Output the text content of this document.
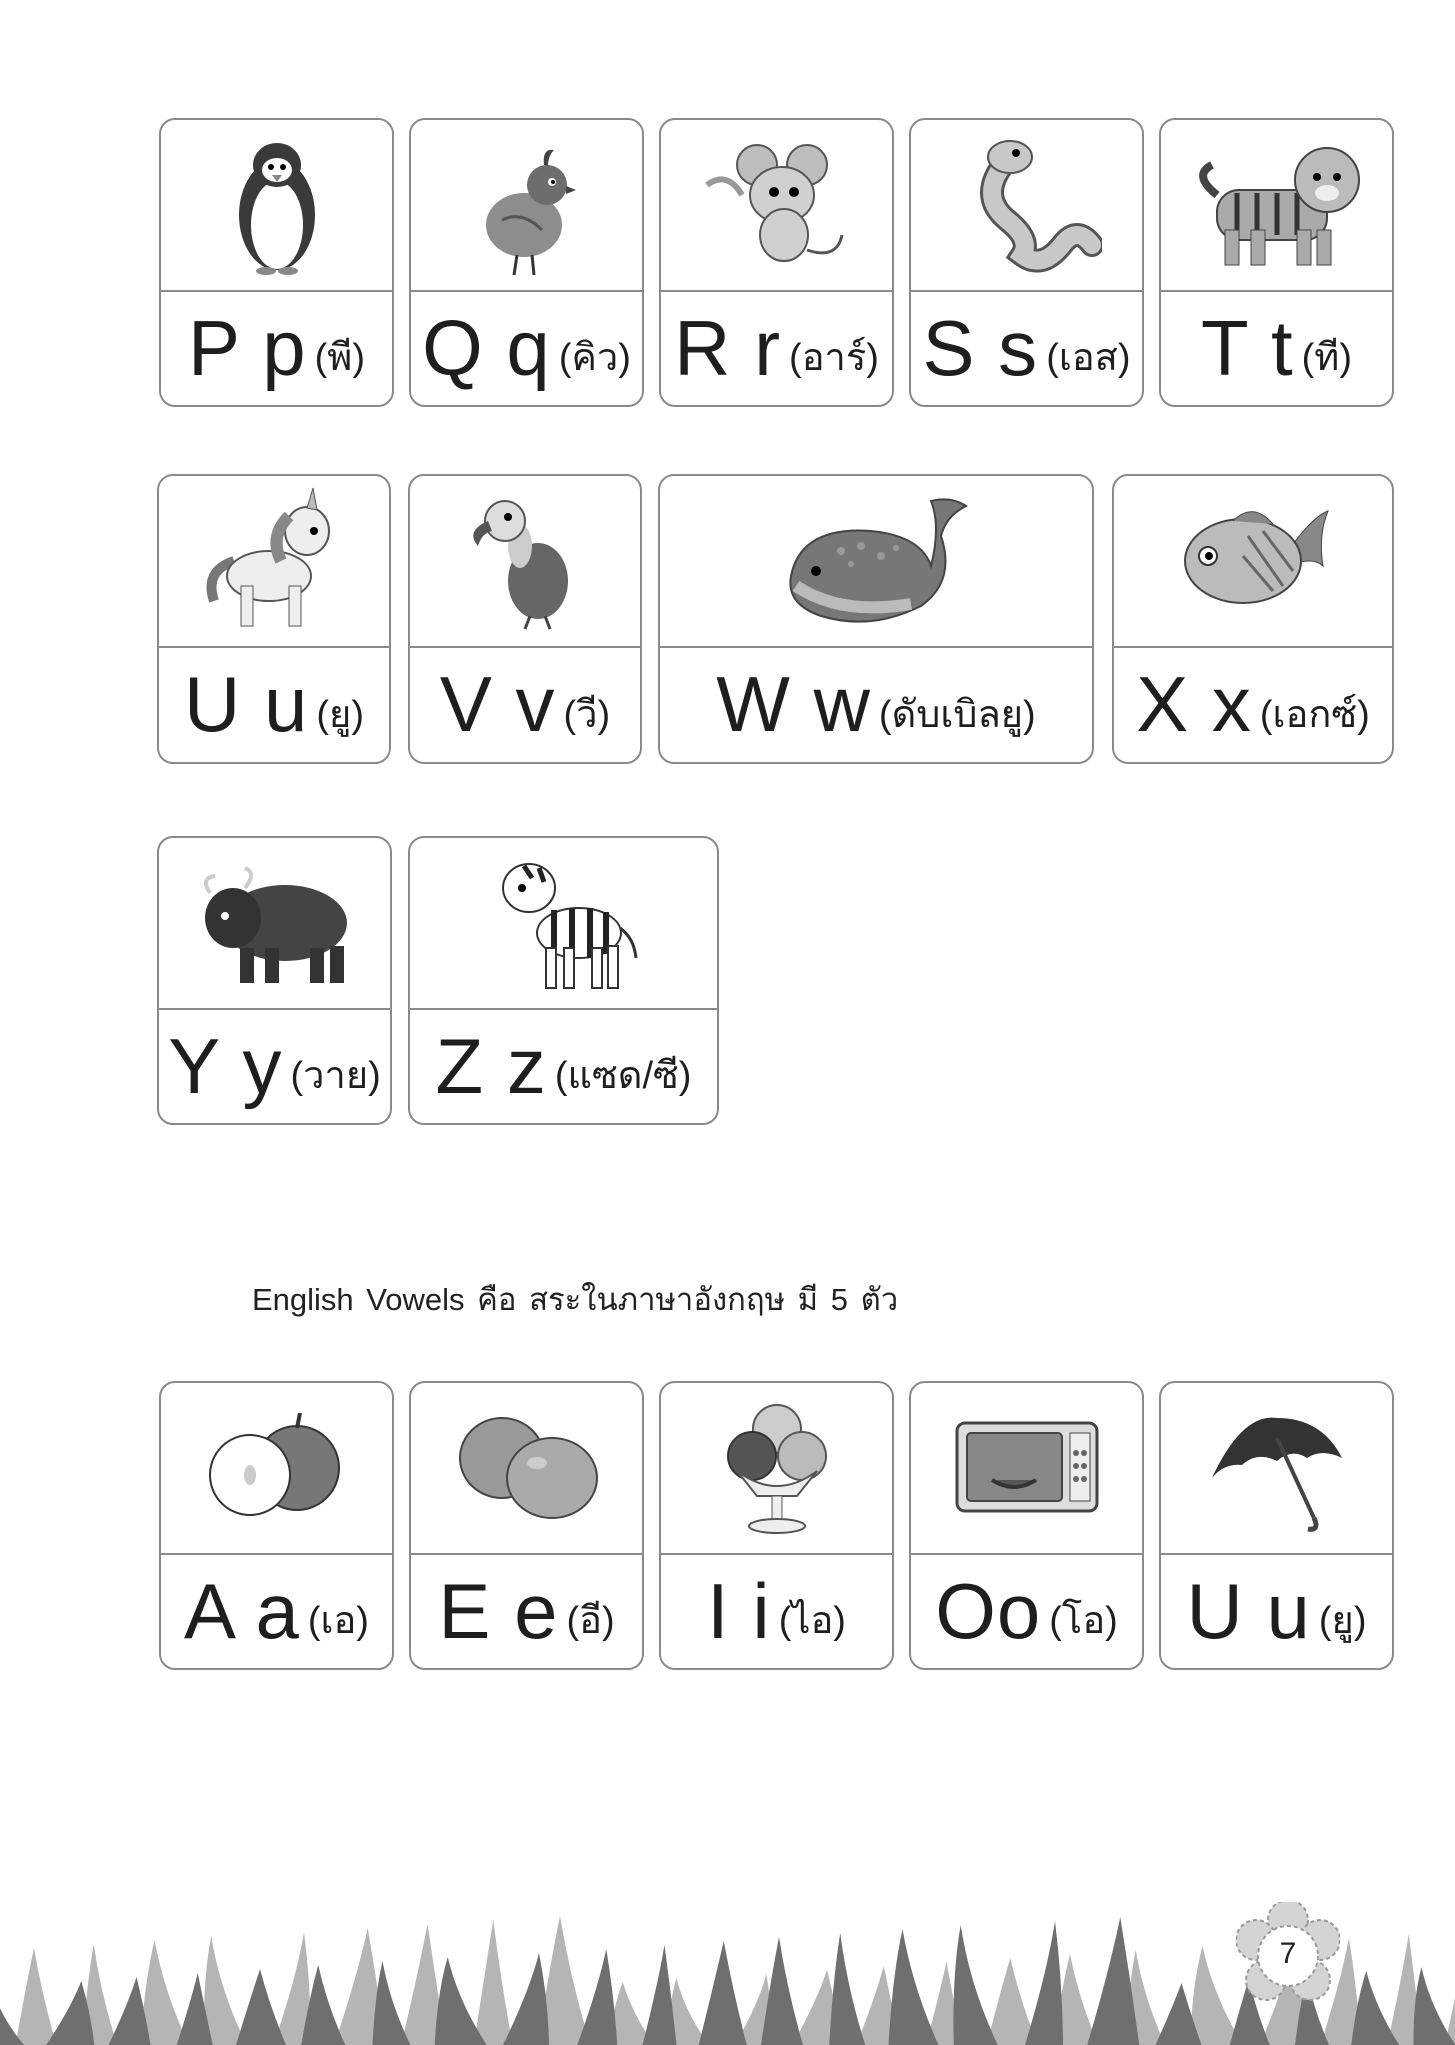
P p (พี) Q q (คิว) R r (อาร์) S s (เอส) T t (ที)
U u (ยู) V v (วี) W w (ดับเบิลยู) X x (เอกซ์)
Y y (วาย) Z z (แซด/ซี)
English Vowels คือ สระในภาษาอังกฤษ มี 5 ตัว
A a (เอ) E e (อี) I i (ไอ) Oo (โอ) U u (ยู)
7
